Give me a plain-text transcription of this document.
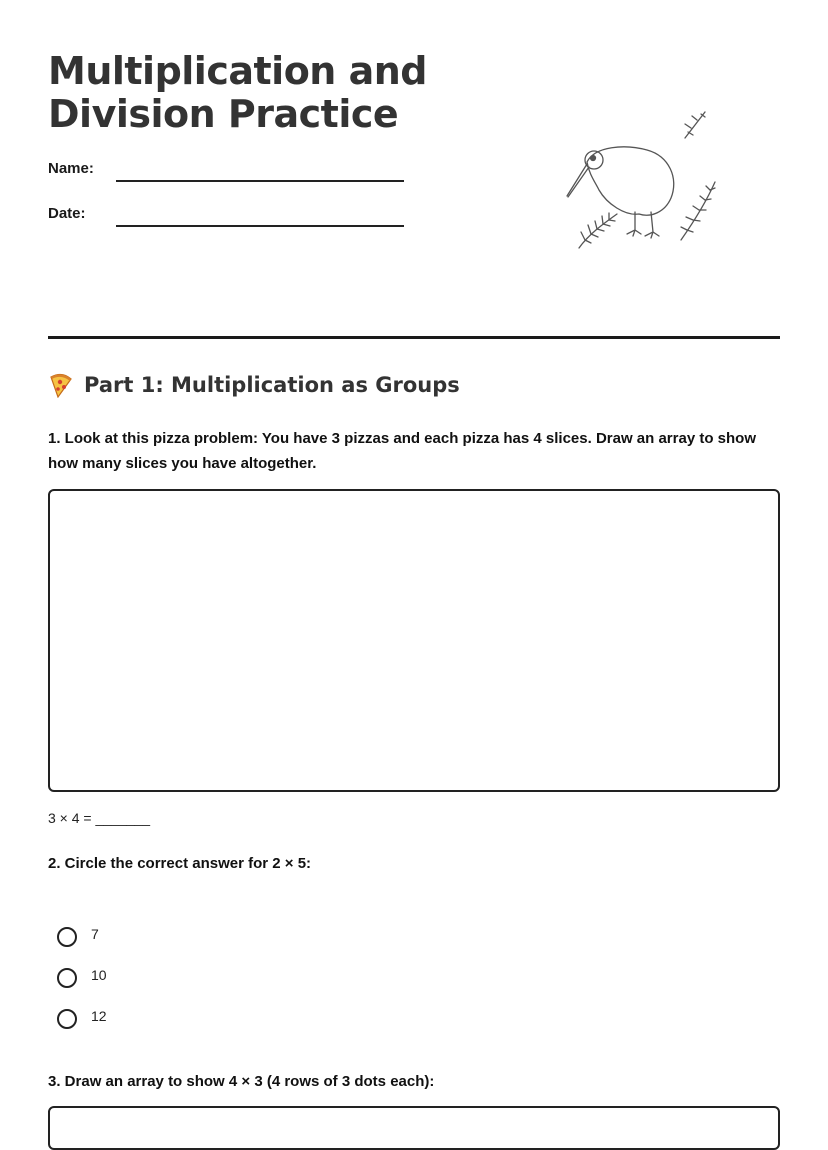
Multiplication and
Division Practice
Name:
Date:
Part 1: Multiplication as Groups

1. Look at this pizza problem: You have 3 pizzas and each pizza has 4 slices. Draw an array to show how many slices you have altogether.

3 × 4 = _______

2. Circle the correct answer for 2 × 5:

7
10
12

3. Draw an array to show 4 × 3 (4 rows of 3 dots each):
